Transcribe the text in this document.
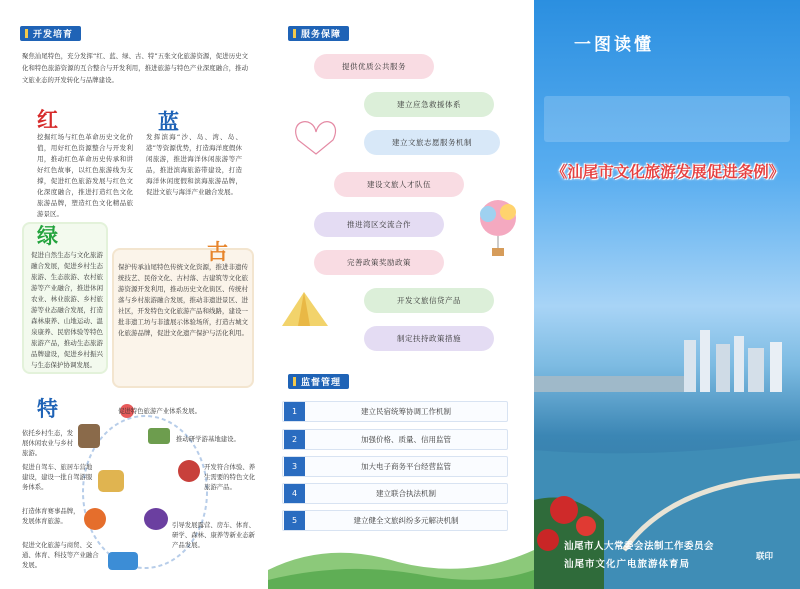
开发培育
聚焦汕尾特色，充分发挥“红、蓝、绿、古、特”五张文化旅游资源，促进历史文化和特色旅游资源的互合整合与开发利用，推进旅游与特色产业深度融合，推动文旅业态的开发转化与品牌建设。
红
挖掘红场与红色革命历史文化价值，用好红色资源整合与开发利用，推动红色革命历史传承和讲好红色故事，以红色旅游线为支撑，促进红色旅游发展与红色文化深度融合，推进打造红色文化旅游品牌，塑造红色文化精品旅游景区。
蓝
发挥滨海“沙、岛、湾、岛、港”等资源优势，打造海洋度假休闲旅游，推进海洋休闲旅游等产品，推进滨海旅游带建设，打造海洋休闲度假和滨海旅游品牌，促进文旅与海洋产业融合发展。
绿
促进自然生态与文化旅游融合发展，促进乡村生态旅游、生态旅游、农村旅游等产业融合，推进休闲农业、林业旅游、乡村旅游等业态融合发展，打造森林康养、山地运动、温泉康养、民宿体验等特色旅游产品，推动生态旅游品牌建设，促进乡村振兴与生态保护协调发展。
古
保护传承汕尾特色传统文化资源，推进非遗传统技艺、民俗文化、古村落、古建筑等文化旅游资源开发利用，推动历史文化街区、传统村落与乡村旅游融合发展，推动非遗进景区、进社区，开发特色文化旅游产品和线路，建设一批非遗工坊与非遗展示体验场所，打造古城文化旅游品牌，促进文化遗产保护与活化利用。
特	促进特色旅游产业体系发展。
推动研学游基地建设。
开发符合体验、养生需要的特色文化旅游产品。
引导发展露营、房车、体育、研学、森林、康养等新业态新产品发展。
促进文化旅游与商贸、交通、体育、科技等产业融合发展。
打造体育赛事品牌，发展体育旅游。
促进自驾车、旅居车营地建设，建设一批自驾游服务体系。
依托乡村生态，发展休闲农业与乡村旅游。
服务保障
提供优质公共服务
建立应急救援体系
建立文旅志愿服务机制
建设文旅人才队伍
推进湾区交流合作
完善政策奖励政策
开发文旅信贷产品
制定扶持政策措施
监督管理
1	建立民宿统筹协调工作机制
2	加强价格、质量、信用监管
3	加大电子商务平台经营监管
4	建立联合执法机制
5	建立健全文旅纠纷多元解决机制
一图读懂
《汕尾市文化旅游发展促进条例》
汕尾市人大常委会法制工作委员会
汕尾市文化广电旅游体育局
联印
